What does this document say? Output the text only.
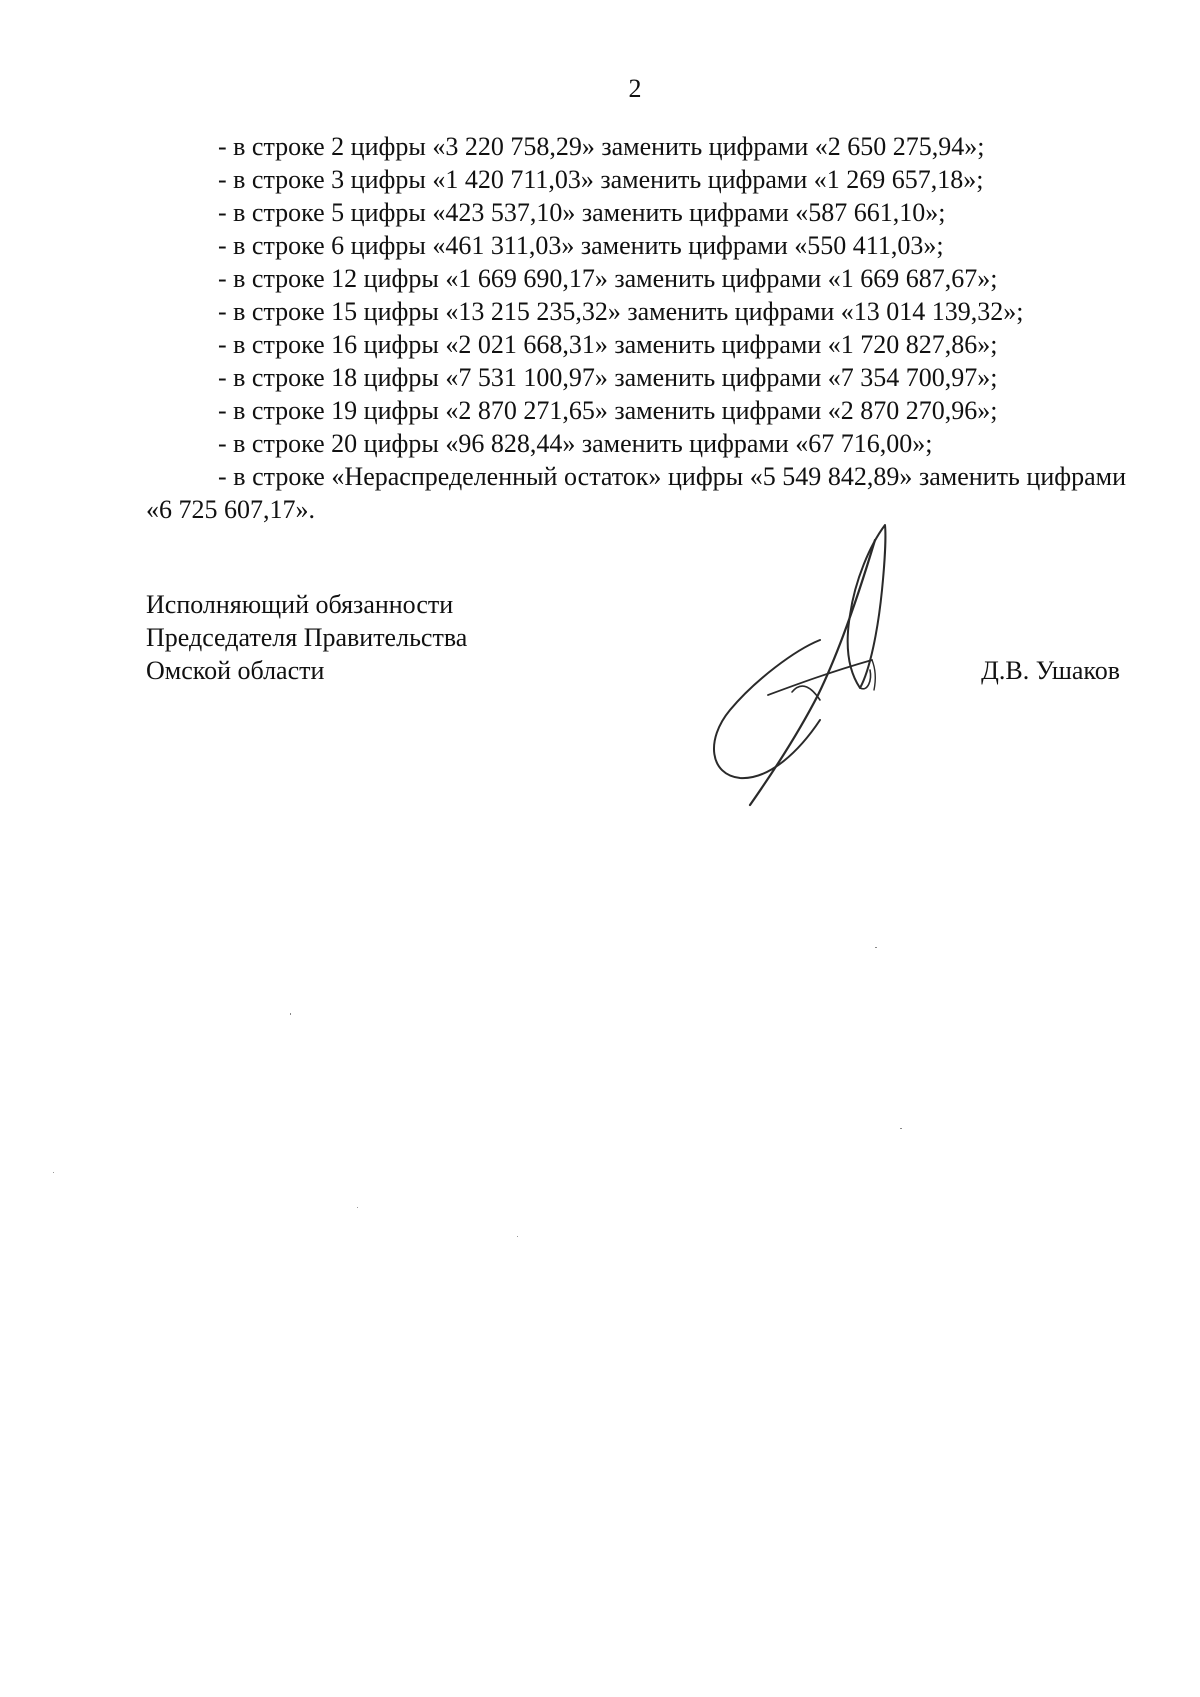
2
- в строке 2 цифры «3 220 758,29» заменить цифрами «2 650 275,94»;
- в строке 3 цифры «1 420 711,03» заменить цифрами «1 269 657,18»;
- в строке 5 цифры «423 537,10» заменить цифрами «587 661,10»;
- в строке 6 цифры «461 311,03» заменить цифрами «550 411,03»;
- в строке 12 цифры «1 669 690,17» заменить цифрами «1 669 687,67»;
- в строке 15 цифры «13 215 235,32» заменить цифрами «13 014 139,32»;
- в строке 16 цифры «2 021 668,31» заменить цифрами «1 720 827,86»;
- в строке 18 цифры «7 531 100,97» заменить цифрами «7 354 700,97»;
- в строке 19 цифры «2 870 271,65» заменить цифрами «2 870 270,96»;
- в строке 20 цифры «96 828,44» заменить цифрами «67 716,00»;
- в строке «Нераспределенный остаток» цифры «5 549 842,89» заменить цифрами «6 725 607,17».
Исполняющий обязанности
Председателя Правительства
Омской области	Д.В. Ушаков
